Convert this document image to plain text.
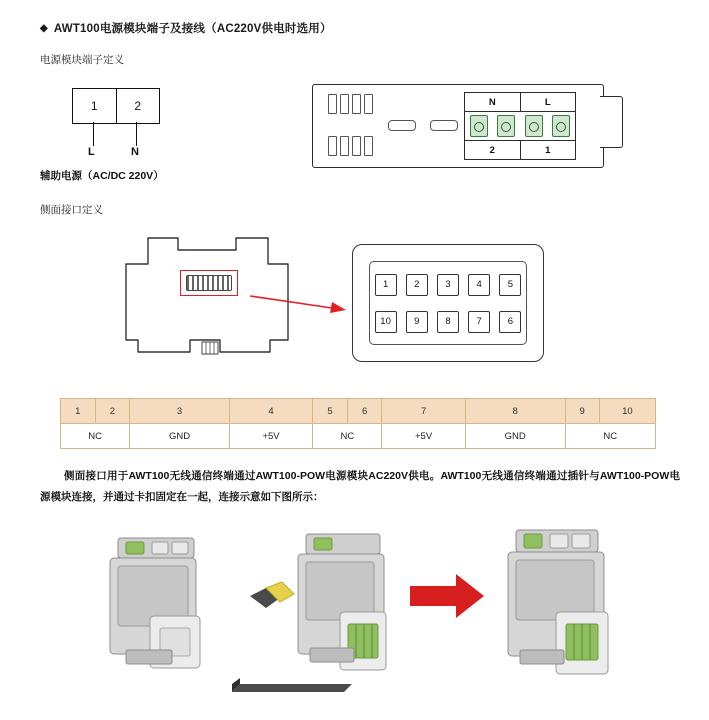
◆ AWT100电源模块端子及接线（AC220V供电时选用）
电源模块端子定义
1	2
L	N
辅助电源（AC/DC 220V）
侧面接口定义
N	L
2	1
1	2	3	4	5
10	9	8	7	6
1	2	3	4	5	6	7	8	9	10
NC		GND	+5V	NC		+5V	GND	NC	
侧面接口用于AWT100无线通信终端通过AWT100-POW电源模块AC220V供电。AWT100无线通信终端通过插针与AWT100-POW电源模块连接，并通过卡扣固定在一起，连接示意如下图所示：
